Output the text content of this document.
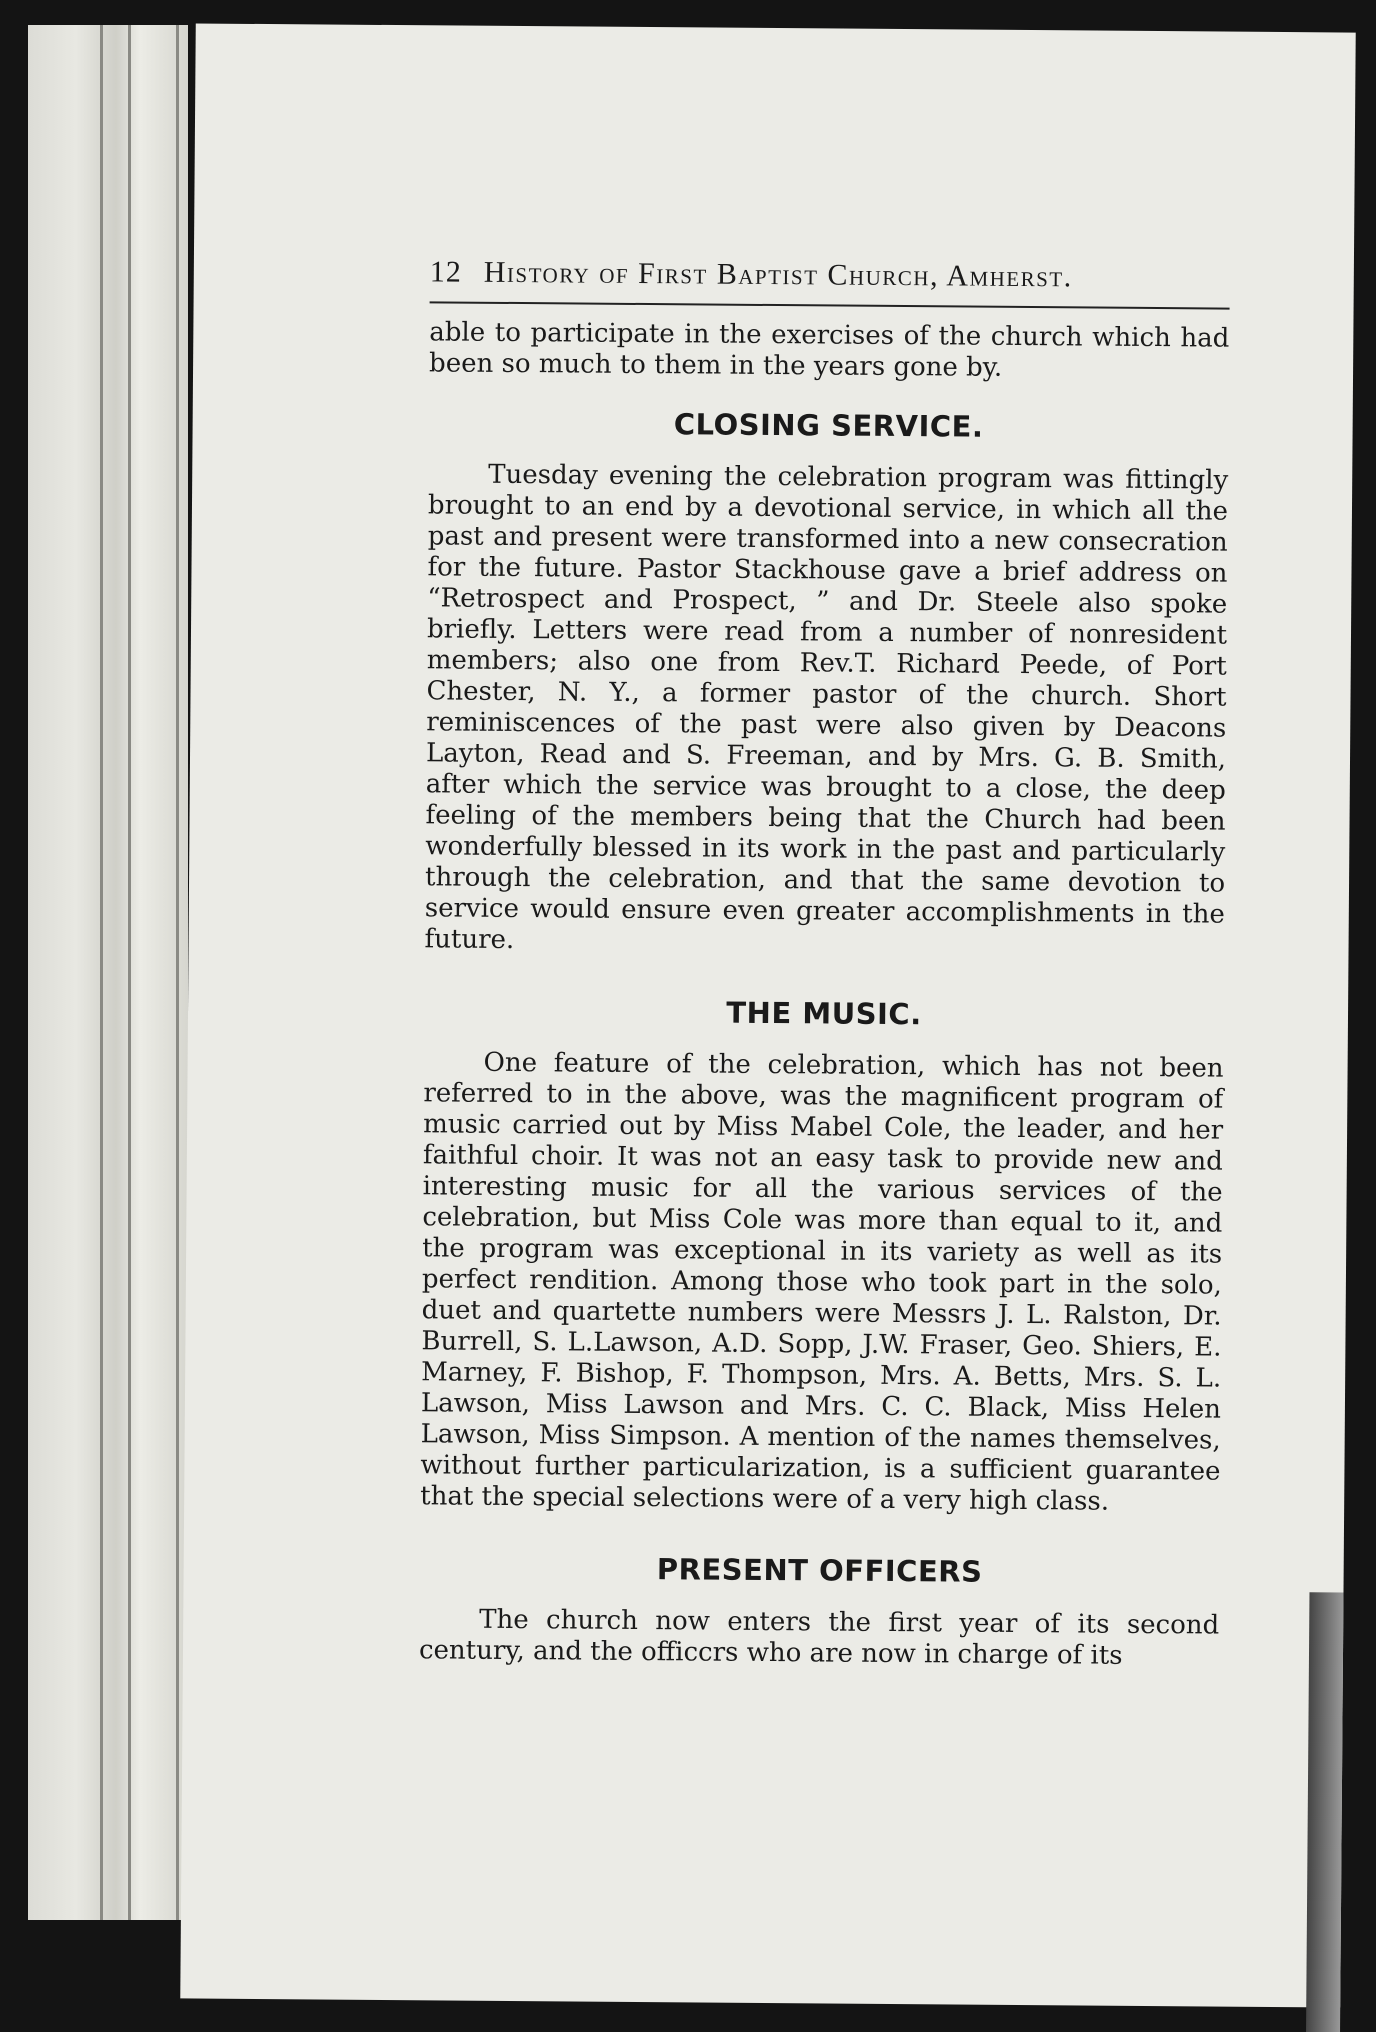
12 History of First Baptist Church, Amherst.

able to participate in the exercises of the church which had been so much to them in the years gone by.

CLOSING SERVICE.

Tuesday evening the celebration program was fittingly brought to an end by a devotional service, in which all the past and present were transformed into a new consecration for the future. Pastor Stackhouse gave a brief address on “Retrospect and Prospect, ” and Dr. Steele also spoke briefly. Letters were read from a number of nonresident members; also one from Rev.T. Richard Peede, of Port Chester, N. Y., a former pastor of the church. Short reminiscences of the past were also given by Deacons Layton, Read and S. Freeman, and by Mrs. G. B. Smith, after which the service was brought to a close, the deep feeling of the members being that the Church had been wonderfully blessed in its work in the past and particularly through the celebration, and that the same devotion to service would ensure even greater accomplishments in the future.

THE MUSIC.

One feature of the celebration, which has not been referred to in the above, was the magnificent program of music carried out by Miss Mabel Cole, the leader, and her faithful choir. It was not an easy task to provide new and interesting music for all the various services of the celebration, but Miss Cole was more than equal to it, and the program was exceptional in its variety as well as its perfect rendition. Among those who took part in the solo, duet and quartette numbers were Messrs J. L. Ralston, Dr. Burrell, S. L.Lawson, A.D. Sopp, J.W. Fraser, Geo. Shiers, E. Marney, F. Bishop, F. Thompson, Mrs. A. Betts, Mrs. S. L. Lawson, Miss Lawson and Mrs. C. C. Black, Miss Helen Lawson, Miss Simpson. A mention of the names themselves, without further particularization, is a sufficient guarantee that the special selections were of a very high class.

PRESENT OFFICERS

The church now enters the first year of its second century, and the officcrs who are now in charge of its
